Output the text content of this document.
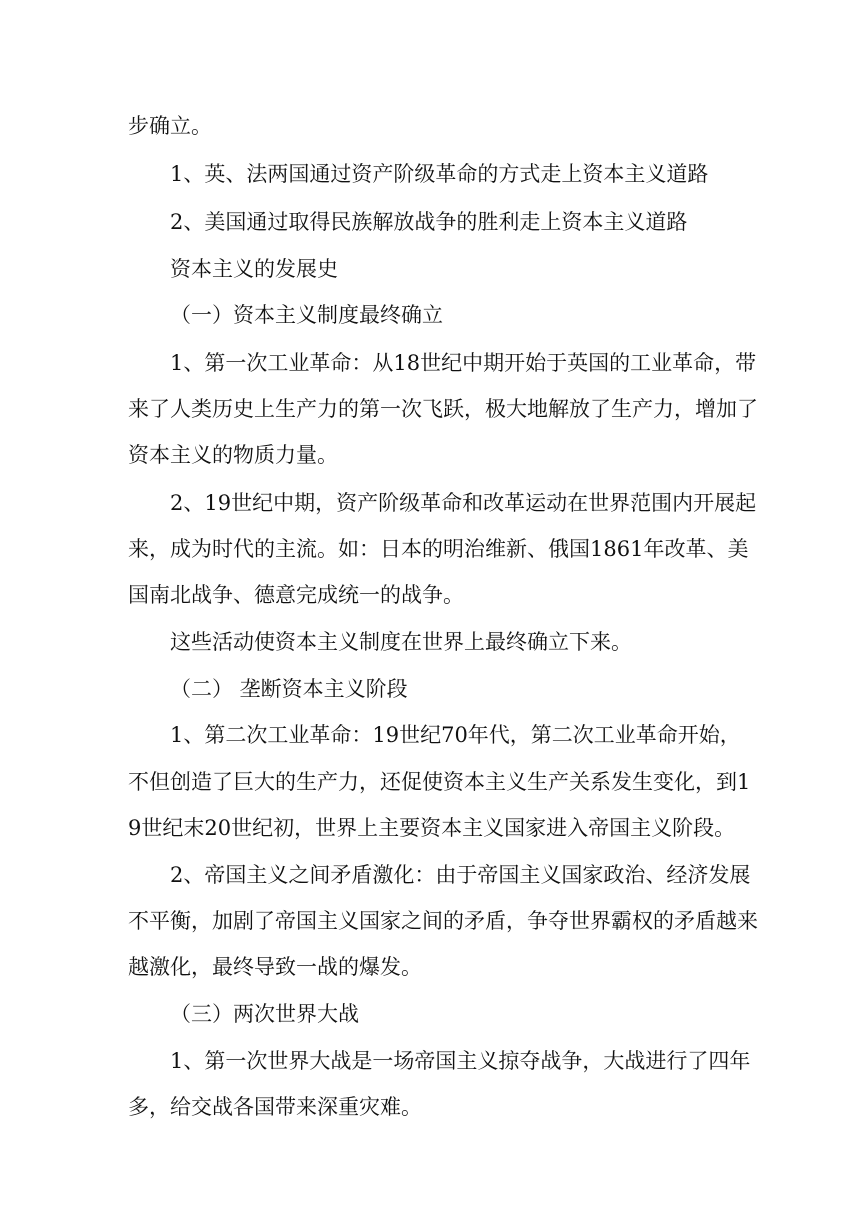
步确立。
1、英、法两国通过资产阶级革命的方式走上资本主义道路
2、美国通过取得民族解放战争的胜利走上资本主义道路
资本主义的发展史
（一）资本主义制度最终确立
1、第一次工业革命：从18世纪中期开始于英国的工业革命，带
来了人类历史上生产力的第一次飞跃，极大地解放了生产力，增加了
资本主义的物质力量。
2、19世纪中期，资产阶级革命和改革运动在世界范围内开展起
来，成为时代的主流。如：日本的明治维新、俄国1861年改革、美
国南北战争、德意完成统一的战争。
这些活动使资本主义制度在世界上最终确立下来。
（二） 垄断资本主义阶段
1、第二次工业革命：19世纪70年代，第二次工业革命开始，
不但创造了巨大的生产力，还促使资本主义生产关系发生变化，到1
9世纪末20世纪初，世界上主要资本主义国家进入帝国主义阶段。
2、帝国主义之间矛盾激化：由于帝国主义国家政治、经济发展
不平衡，加剧了帝国主义国家之间的矛盾，争夺世界霸权的矛盾越来
越激化，最终导致一战的爆发。
（三）两次世界大战
1、第一次世界大战是一场帝国主义掠夺战争，大战进行了四年
多，给交战各国带来深重灾难。
